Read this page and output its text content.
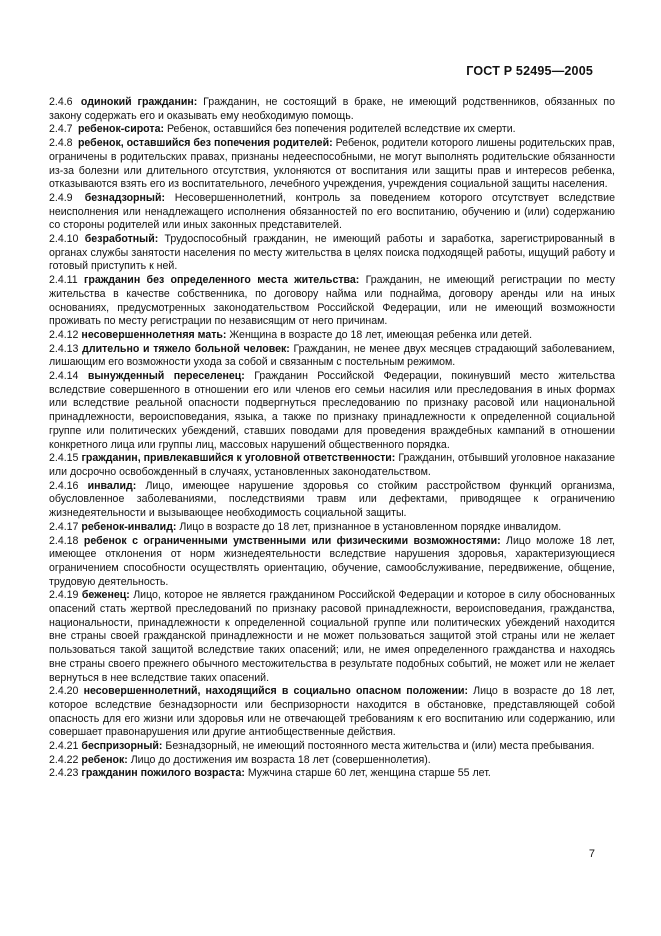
ГОСТ Р 52495—2005

2.4.6 одинокий гражданин: Гражданин, не состоящий в браке, не имеющий родственников, обязанных по закону содержать его и оказывать ему необходимую помощь.

2.4.7 ребенок-сирота: Ребенок, оставшийся без попечения родителей вследствие их смерти.

2.4.8 ребенок, оставшийся без попечения родителей: Ребенок, родители которого лишены родительских прав, ограничены в родительских правах, признаны недееспособными, не могут выполнять родительские обязанности из-за болезни или длительного отсутствия, уклоняются от воспитания или защиты прав и интересов ребенка, отказываются взять его из воспитательного, лечебного учреждения, учреждения социальной защиты населения.

2.4.9 безнадзорный: Несовершеннолетний, контроль за поведением которого отсутствует вследствие неисполнения или ненадлежащего исполнения обязанностей по его воспитанию, обучению и (или) содержанию со стороны родителей или иных законных представителей.

2.4.10 безработный: Трудоспособный гражданин, не имеющий работы и заработка, зарегистрированный в органах службы занятости населения по месту жительства в целях поиска подходящей работы, ищущий работу и готовый приступить к ней.

2.4.11 гражданин без определенного места жительства: Гражданин, не имеющий регистрации по месту жительства в качестве собственника, по договору найма или поднайма, договору аренды или на иных основаниях, предусмотренных законодательством Российской Федерации, или не имеющий возможности проживать по месту регистрации по независящим от него причинам.

2.4.12 несовершеннолетняя мать: Женщина в возрасте до 18 лет, имеющая ребенка или детей.

2.4.13 длительно и тяжело больной человек: Гражданин, не менее двух месяцев страдающий заболеванием, лишающим его возможности ухода за собой и связанным с постельным режимом.

2.4.14 вынужденный переселенец: Гражданин Российской Федерации, покинувший место жительства вследствие совершенного в отношении его или членов его семьи насилия или преследования в иных формах или вследствие реальной опасности подвергнуться преследованию по признаку расовой или национальной принадлежности, вероисповедания, языка, а также по признаку принадлежности к определенной социальной группе или политических убеждений, ставших поводами для проведения враждебных кампаний в отношении конкретного лица или группы лиц, массовых нарушений общественного порядка.

2.4.15 гражданин, привлекавшийся к уголовной ответственности: Гражданин, отбывший уголовное наказание или досрочно освобожденный в случаях, установленных законодательством.

2.4.16 инвалид: Лицо, имеющее нарушение здоровья со стойким расстройством функций организма, обусловленное заболеваниями, последствиями травм или дефектами, приводящее к ограничению жизнедеятельности и вызывающее необходимость социальной защиты.

2.4.17 ребенок-инвалид: Лицо в возрасте до 18 лет, признанное в установленном порядке инвалидом.

2.4.18 ребенок с ограниченными умственными или физическими возможностями: Лицо моложе 18 лет, имеющее отклонения от норм жизнедеятельности вследствие нарушения здоровья, характеризующиеся ограничением способности осуществлять ориентацию, обучение, самообслуживание, передвижение, общение, трудовую деятельность.

2.4.19 беженец: Лицо, которое не является гражданином Российской Федерации и которое в силу обоснованных опасений стать жертвой преследований по признаку расовой принадлежности, вероисповедания, гражданства, национальности, принадлежности к определенной социальной группе или политических убеждений находится вне страны своей гражданской принадлежности и не может пользоваться защитой этой страны или не желает пользоваться такой защитой вследствие таких опасений; или, не имея определенного гражданства и находясь вне страны своего прежнего обычного местожительства в результате подобных событий, не может или не желает вернуться в нее вследствие таких опасений.

2.4.20 несовершеннолетний, находящийся в социально опасном положении: Лицо в возрасте до 18 лет, которое вследствие безнадзорности или беспризорности находится в обстановке, представляющей собой опасность для его жизни или здоровья или не отвечающей требованиям к его воспитанию или содержанию, или совершает правонарушения или другие антиобщественные действия.

2.4.21 беспризорный: Безнадзорный, не имеющий постоянного места жительства и (или) места пребывания.

2.4.22 ребенок: Лицо до достижения им возраста 18 лет (совершеннолетия).

2.4.23 гражданин пожилого возраста: Мужчина старше 60 лет, женщина старше 55 лет.

7
